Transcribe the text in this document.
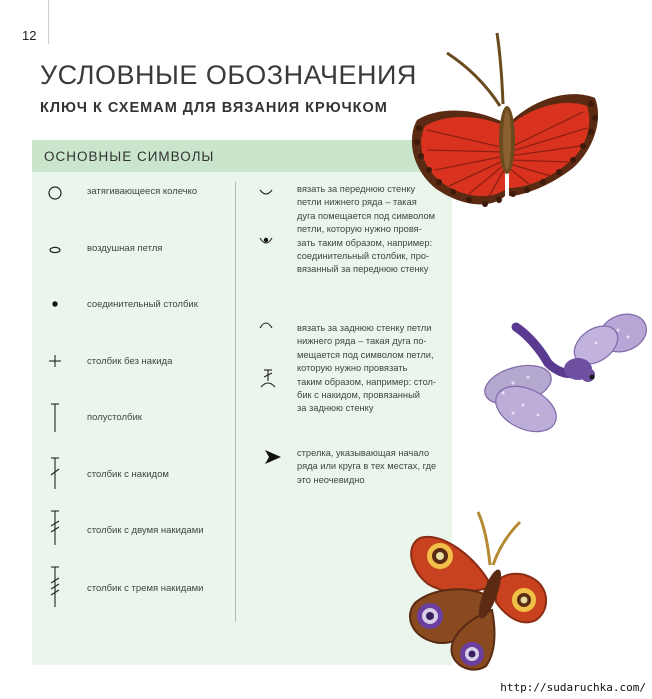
12
УСЛОВНЫЕ ОБОЗНАЧЕНИЯ
КЛЮЧ К СХЕМАМ ДЛЯ ВЯЗАНИЯ КРЮЧКОМ
ОСНОВНЫЕ СИМВОЛЫ
затягивающееся колечко
воздушная петля
соединительный столбик
столбик без накида
полустолбик
столбик с накидом
столбик с двумя накидами
столбик с тремя накидами
вязать за переднюю стенку
петли нижнего ряда – такая
дуга помещается под символом
петли, которую нужно провя-
зать таким образом, например:
соединительный столбик, про-
вязанный за переднюю стенку
вязать за заднюю стенку петли
нижнего ряда – такая дуга по-
мещается под символом петли,
которую нужно провязать
таким образом, например: стол-
бик с накидом, провязанный
за заднюю стенку
стрелка, указывающая начало
ряда или круга в тех местах, где
это неочевидно
http://sudaruchka.com/
